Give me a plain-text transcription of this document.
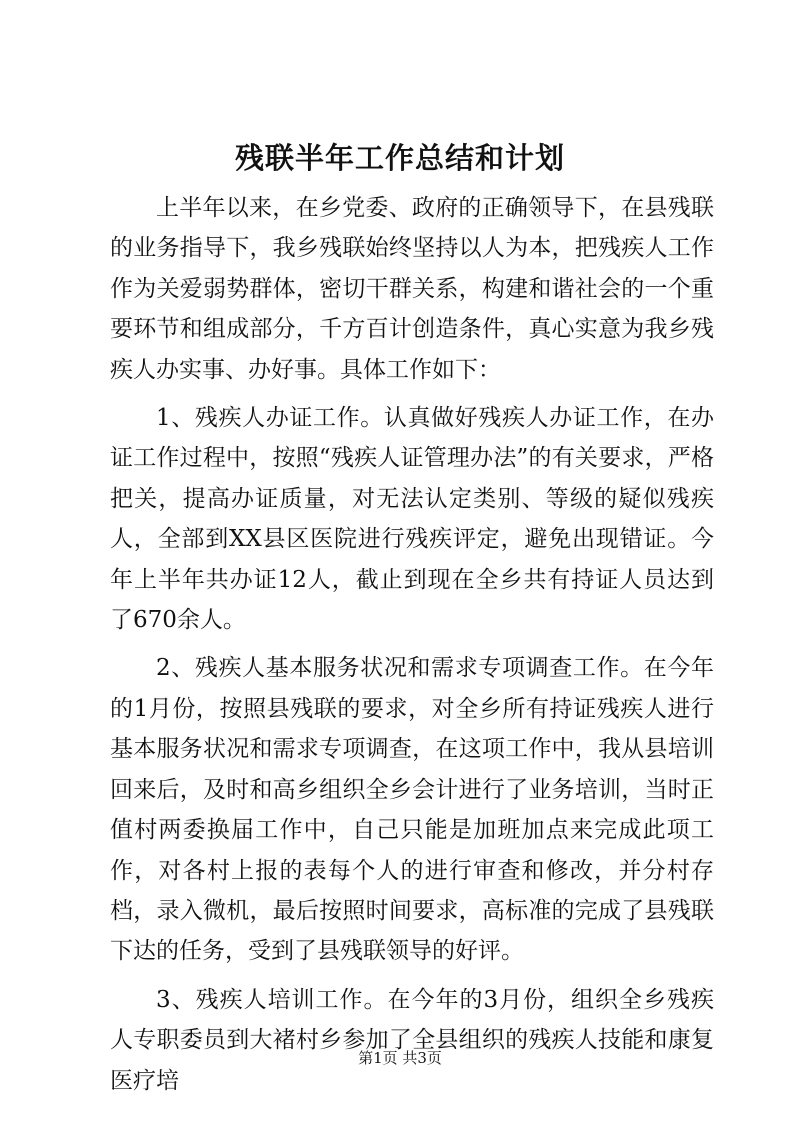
残联半年工作总结和计划

上半年以来，在乡党委、政府的正确领导下，在县残联的业务指导下，我乡残联始终坚持以人为本，把残疾人工作作为关爱弱势群体，密切干群关系，构建和谐社会的一个重要环节和组成部分，千方百计创造条件，真心实意为我乡残疾人办实事、办好事。具体工作如下：

1、残疾人办证工作。认真做好残疾人办证工作，在办证工作过程中，按照“残疾人证管理办法”的有关要求，严格把关，提高办证质量，对无法认定类别、等级的疑似残疾人，全部到XX县区医院进行残疾评定，避免出现错证。今年上半年共办证12人，截止到现在全乡共有持证人员达到了670余人。

2、残疾人基本服务状况和需求专项调查工作。在今年的1月份，按照县残联的要求，对全乡所有持证残疾人进行基本服务状况和需求专项调查，在这项工作中，我从县培训回来后，及时和高乡组织全乡会计进行了业务培训，当时正值村两委换届工作中，自己只能是加班加点来完成此项工作，对各村上报的表每个人的进行审查和修改，并分村存档，录入微机，最后按照时间要求，高标准的完成了县残联下达的任务，受到了县残联领导的好评。

3、残疾人培训工作。在今年的3月份，组织全乡残疾人专职委员到大褚村乡参加了全县组织的残疾人技能和康复医疗培

第1页 共3页
